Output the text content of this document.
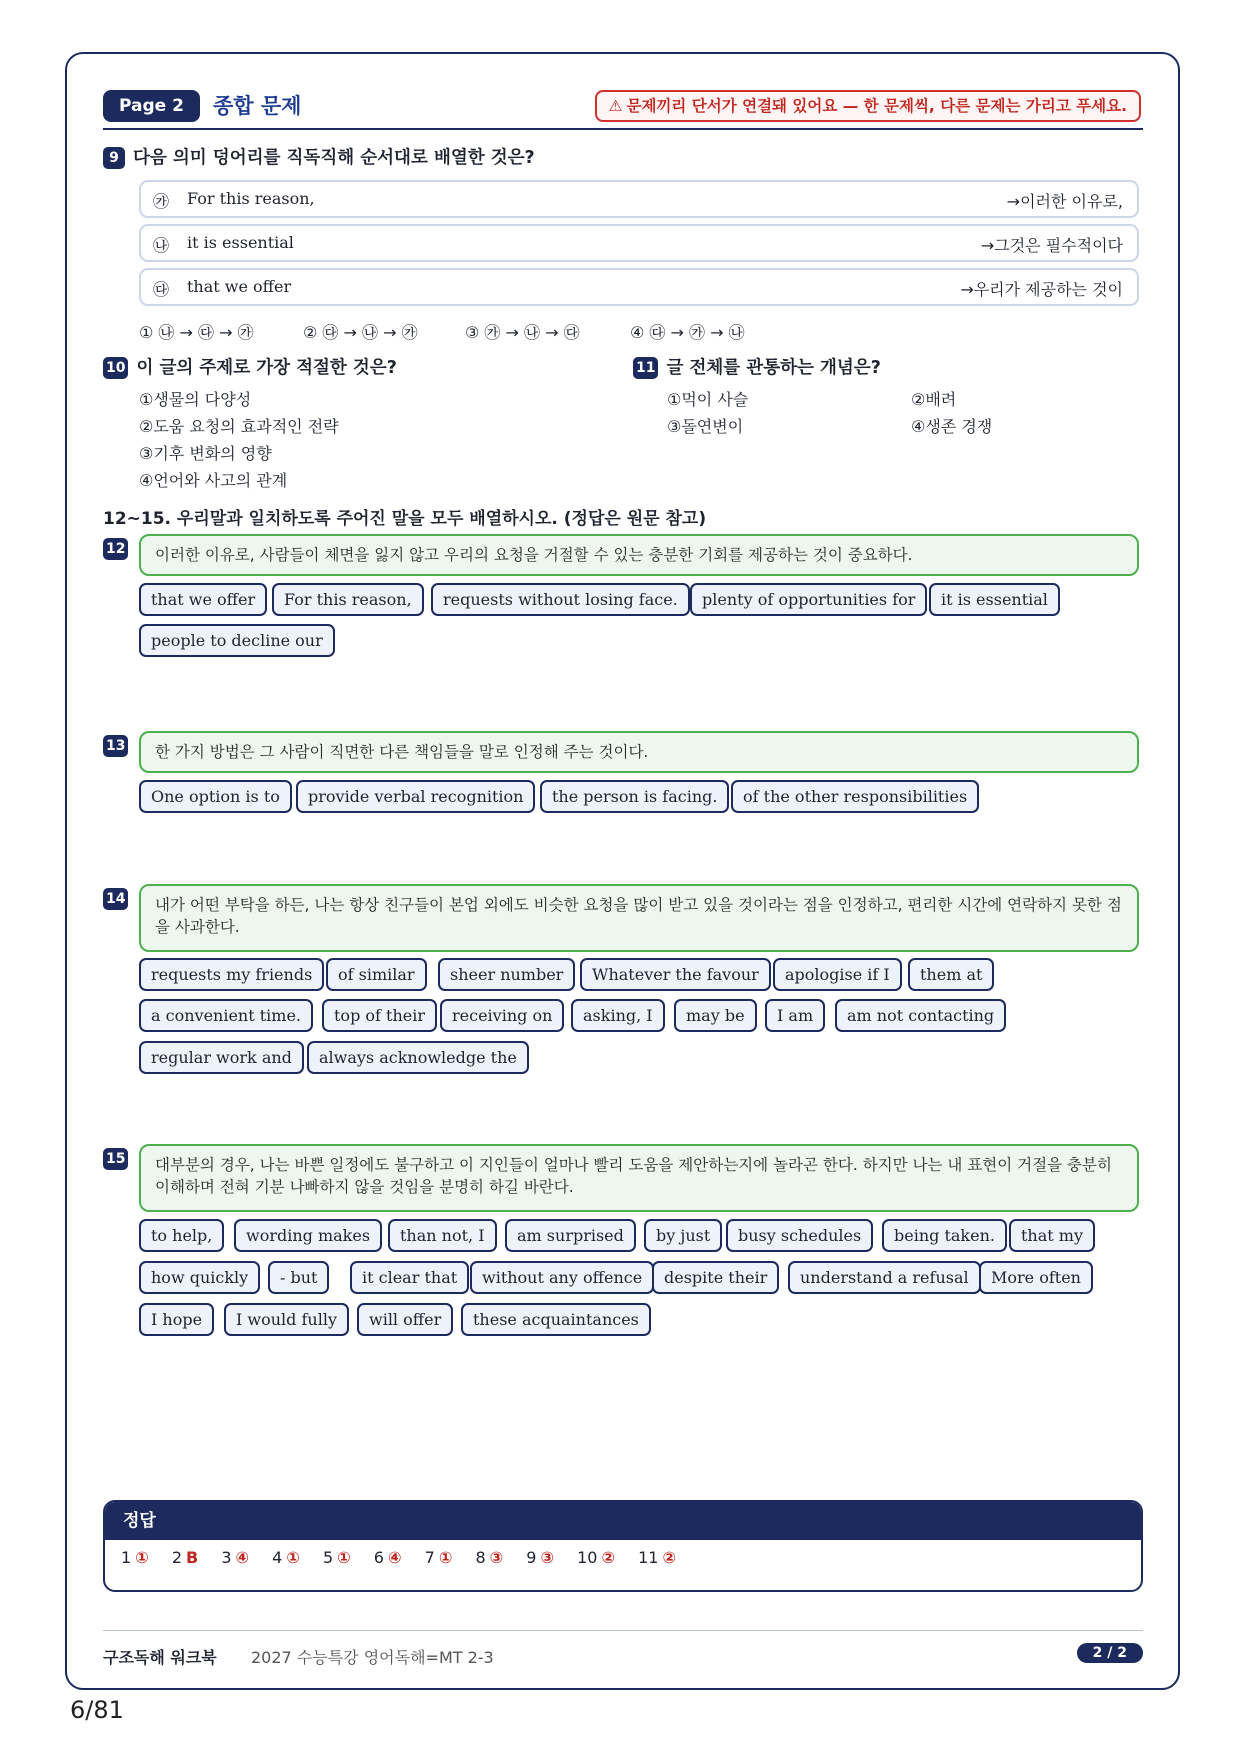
Page 2	종합 문제	⚠ 문제끼리 단서가 연결돼 있어요 — 한 문제씩, 다른 문제는 가리고 푸세요.
9 다음 의미 덩어리를 직독직해 순서대로 배열한 것은?
㉮ For this reason,	→이러한 이유로,
㉯ it is essential	→그것은 필수적이다
㉰ that we offer	→우리가 제공하는 것이
① ㉯ → ㉰ → ㉮	② ㉰ → ㉯ → ㉮	③ ㉮ → ㉯ → ㉰	④ ㉰ → ㉮ → ㉯
10 이 글의 주제로 가장 적절한 것은?
①생물의 다양성
②도움 요청의 효과적인 전략
③기후 변화의 영향
④언어와 사고의 관계
11 글 전체를 관통하는 개념은?
①먹이 사슬	②배려
③돌연변이	④생존 경쟁
12~15. 우리말과 일치하도록 주어진 말을 모두 배열하시오. (정답은 원문 참고)
12	이러한 이유로, 사람들이 체면을 잃지 않고 우리의 요청을 거절할 수 있는 충분한 기회를 제공하는 것이 중요하다.
that we offer	For this reason,	requests without losing face.	plenty of opportunities for	it is essential
people to decline our
13	한 가지 방법은 그 사람이 직면한 다른 책임들을 말로 인정해 주는 것이다.
One option is to	provide verbal recognition	the person is facing.	of the other responsibilities
14	내가 어떤 부탁을 하든, 나는 항상 친구들이 본업 외에도 비슷한 요청을 많이 받고 있을 것이라는 점을 인정하고, 편리한 시간에 연락하지 못한 점을 사과한다.
requests my friends	of similar	sheer number	Whatever the favour	apologise if I	them at
a convenient time.	top of their	receiving on	asking, I	may be	I am	am not contacting
regular work and	always acknowledge the
15	대부분의 경우, 나는 바쁜 일정에도 불구하고 이 지인들이 얼마나 빨리 도움을 제안하는지에 놀라곤 한다. 하지만 나는 내 표현이 거절을 충분히 이해하며 전혀 기분 나빠하지 않을 것임을 분명히 하길 바란다.
to help,	wording makes	than not, I	am surprised	by just	busy schedules	being taken.	that my
how quickly	- but	it clear that	without any offence	despite their	understand a refusal	More often
I hope	I would fully	will offer	these acquaintances
정답
1 ① 2 B 3 ④ 4 ① 5 ① 6 ④ 7 ① 8 ③ 9 ③ 10 ② 11 ②
구조독해 워크북 2027 수능특강 영어독해=MT 2-3	2 / 2
6/81
